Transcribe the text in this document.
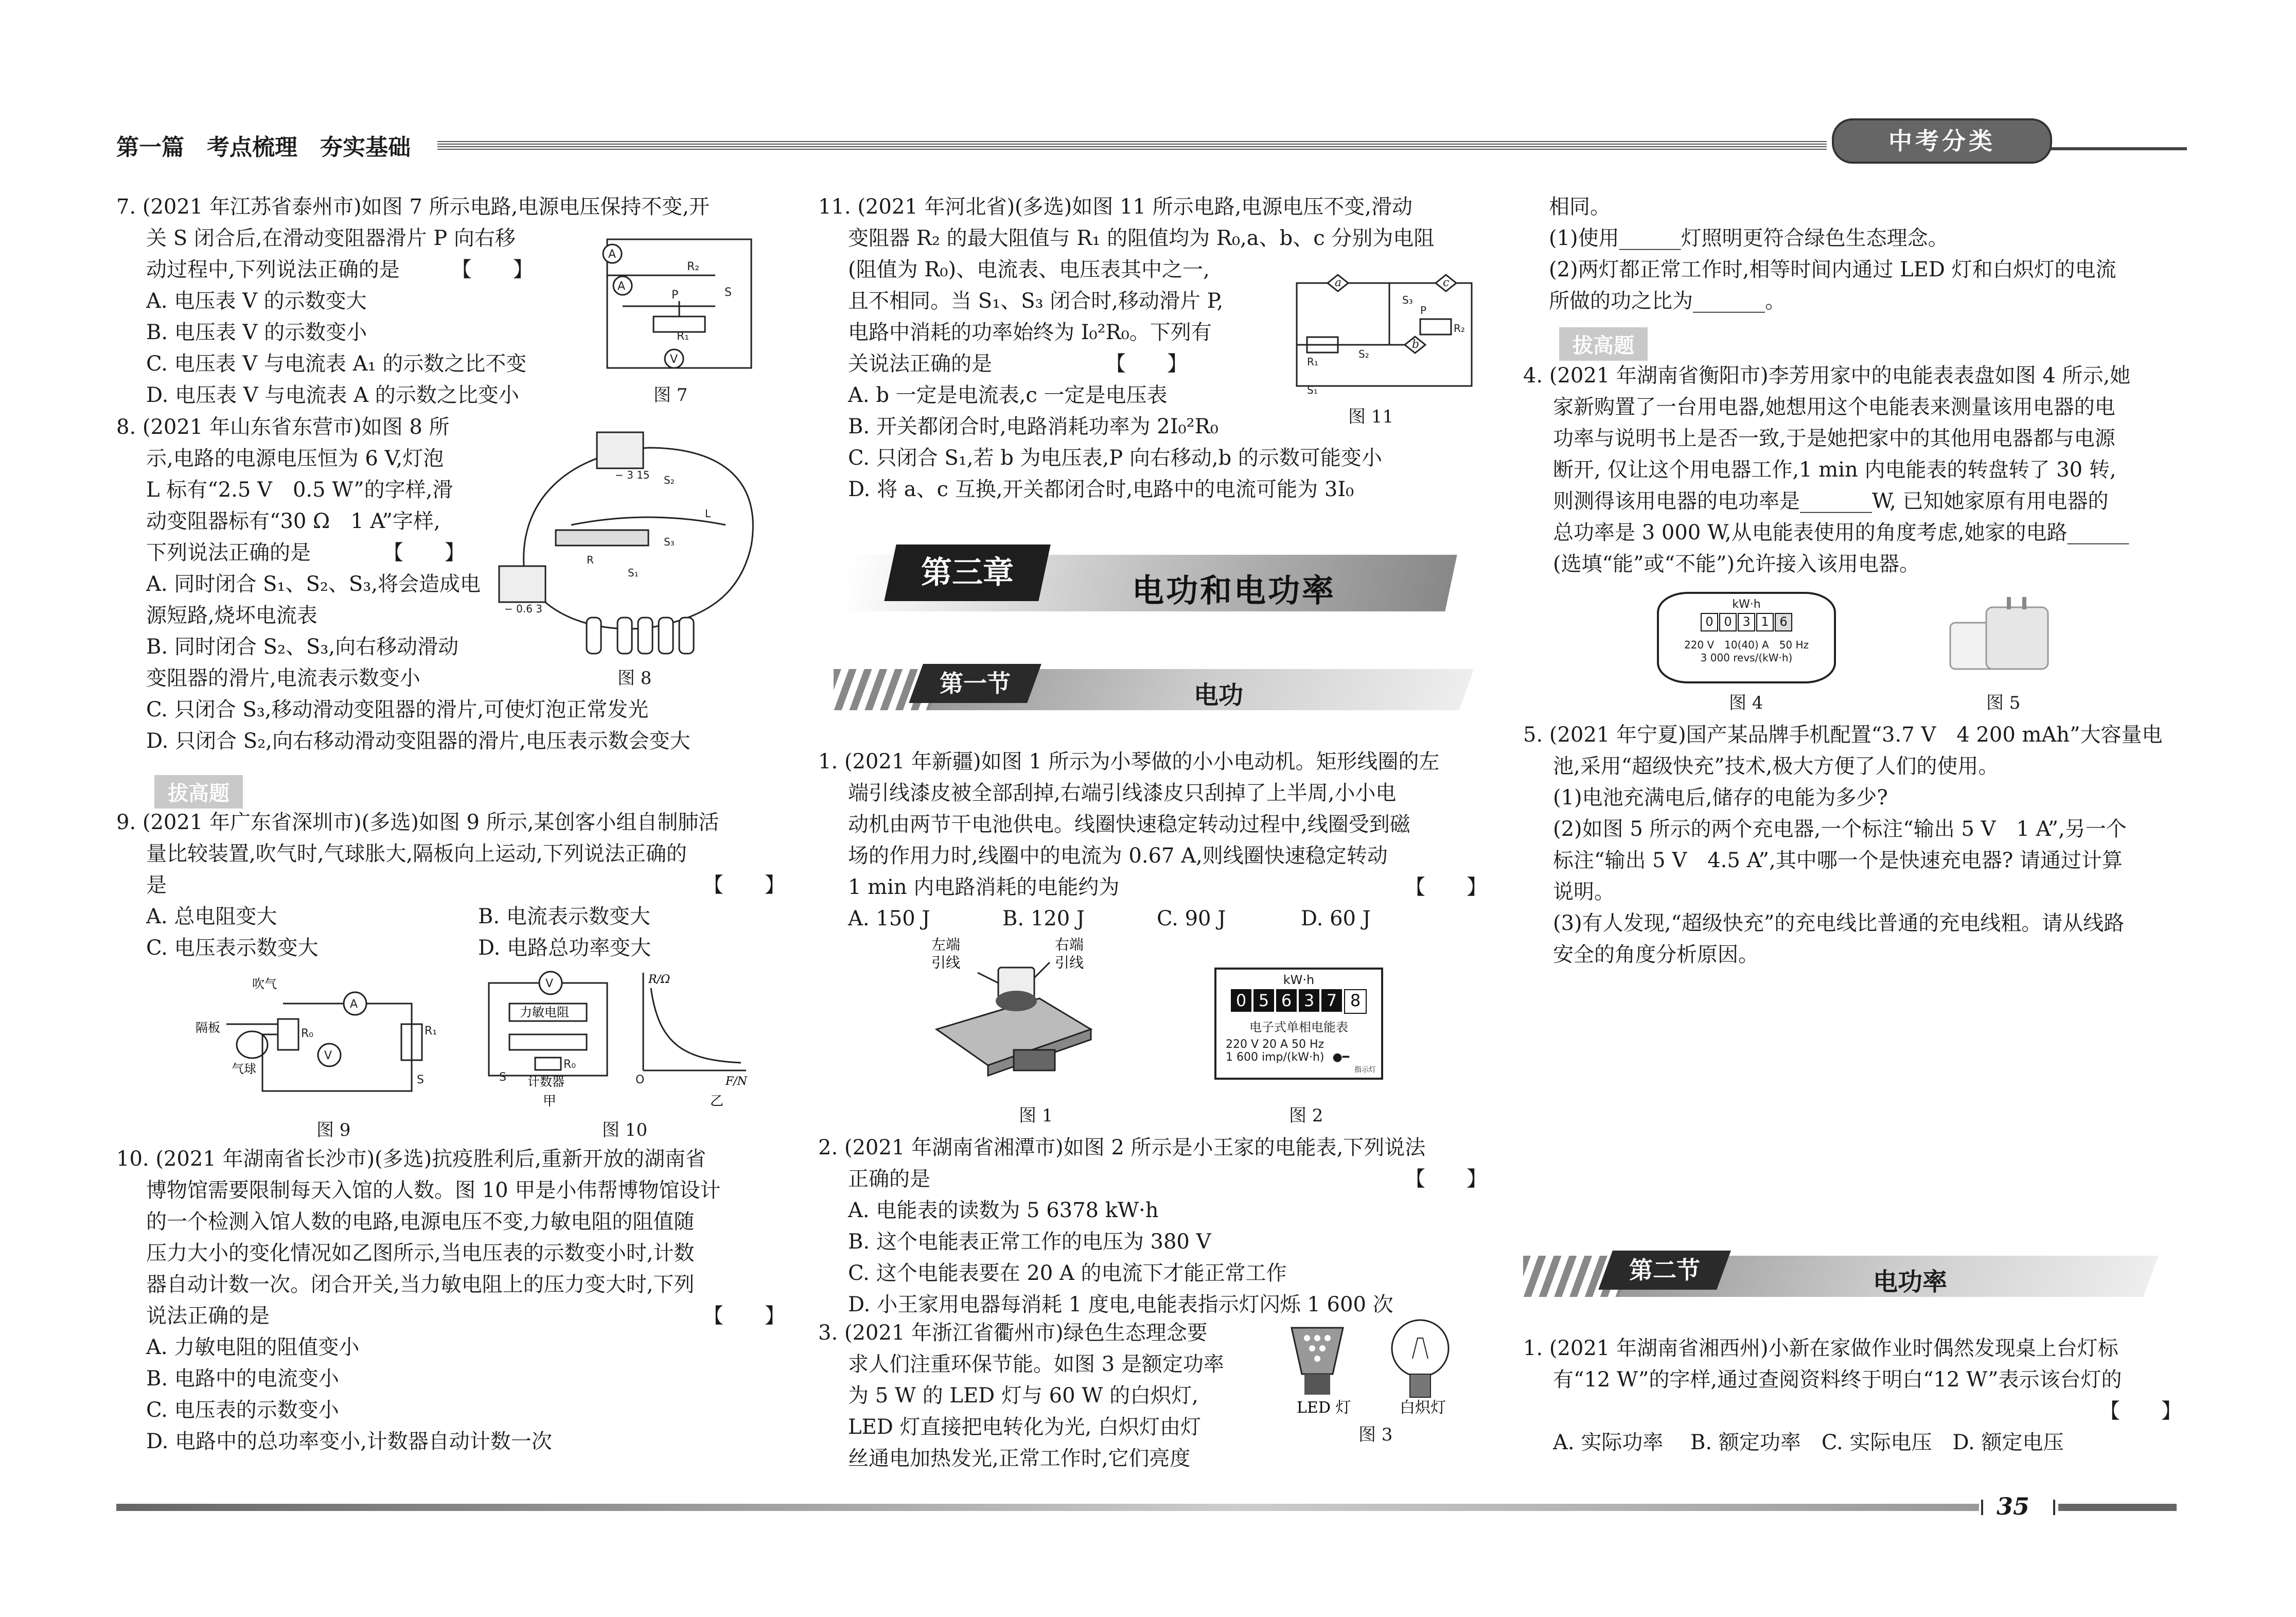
第一篇　考点梳理　夯实基础	中考分类

7. (2021 年江苏省泰州市)如图 7 所示电路,电源电压保持不变,开

关 S 闭合后,在滑动变阻器滑片 P 向右移

动过程中,下列说法正确的是　　　【　　】

A. 电压表 V 的示数变大

B. 电压表 V 的示数变小

C. 电压表 V 与电流表 A₁ 的示数之比不变

D. 电压表 V 与电流表 A 的示数之比变小

A
A
V
P
R₁
R₂
S
图 7

8. (2021 年山东省东营市)如图 8 所

示,电路的电源电压恒为 6 V,灯泡

L 标有“2.5 V　0.5 W”的字样,滑

动变阻器标有“30 Ω　1 A”字样,

下列说法正确的是　　　　【　　】

A. 同时闭合 S₁、S₂、S₃,将会造成电

源短路,烧坏电流表

B. 同时闭合 S₂、S₃,向右移动滑动

变阻器的滑片,电流表示数变小

C. 只闭合 S₃,移动滑动变阻器的滑片,可使灯泡正常发光

D. 只闭合 S₂,向右移动滑动变阻器的滑片,电压表示数会变大

R
− 3 15
− 0.6 3
S₂
S₃
S₁
L
图 8
拔高题

9. (2021 年广东省深圳市)(多选)如图 9 所示,某创客小组自制肺活

量比较装置,吹气时,气球胀大,隔板向上运动,下列说法正确的

是	【　　】

A. 总电阻变大	B. 电流表示数变大
C. 电压表示数变大	D. 电路总功率变大
A
V
R₀	R₁
S
吹气
隔板
气球
图 9
V
R₀
S	O
力敏电阻
计数器
甲	乙
R/Ω
F/N
图 10

10. (2021 年湖南省长沙市)(多选)抗疫胜利后,重新开放的湖南省

博物馆需要限制每天入馆的人数。图 10 甲是小伟帮博物馆设计

的一个检测入馆人数的电路,电源电压不变,力敏电阻的阻值随

压力大小的变化情况如乙图所示,当电压表的示数变小时,计数

器自动计数一次。闭合开关,当力敏电阻上的压力变大时,下列

说法正确的是	【　　】

A. 力敏电阻的阻值变小

B. 电路中的电流变小

C. 电压表的示数变小

D. 电路中的总功率变小,计数器自动计数一次

11. (2021 年河北省)(多选)如图 11 所示电路,电源电压不变,滑动

变阻器 R₂ 的最大阻值与 R₁ 的阻值均为 R₀,a、b、c 分别为电阻

(阻值为 R₀)、电流表、电压表其中之一,

且不相同。当 S₁、S₃ 闭合时,移动滑片 P,

电路中消耗的功率始终为 I₀²R₀。下列有

关说法正确的是　　　　　　【　　】

A. b 一定是电流表,c 一定是电压表

B. 开关都闭合时,电路消耗功率为 2I₀²R₀

C. 只闭合 S₁,若 b 为电压表,P 向右移动,b 的示数可能变小

D. 将 a、c 互换,开关都闭合时,电路中的电流可能为 3I₀

a
b
c
R₁
R₂
P
S₃
S₂
S₁
图 11
第三章	电功和电功率
第一节	电功

1. (2021 年新疆)如图 1 所示为小琴做的小小电动机。矩形线圈的左

端引线漆皮被全部刮掉,右端引线漆皮只刮掉了上半周,小小电

动机由两节干电池供电。线圈快速稳定转动过程中,线圈受到磁

场的作用力时,线圈中的电流为 0.67 A,则线圈快速稳定转动

1 min 内电路消耗的电能约为	【　　】

A. 150 J	B. 120 J	C. 90 J	D. 60 J
左端
引线
右端
引线
图 1
kW·h
0 5 6 3 7 8
电子式单相电能表
220 V 20 A 50 Hz
1 600 imp/(kW·h) ●━
指示灯
图 2

2. (2021 年湖南省湘潭市)如图 2 所示是小王家的电能表,下列说法

正确的是	【　　】

A. 电能表的读数为 5 6378 kW·h

B. 这个电能表正常工作的电压为 380 V

C. 这个电能表要在 20 A 的电流下才能正常工作

D. 小王家用电器每消耗 1 度电,电能表指示灯闪烁 1 600 次

3. (2021 年浙江省衢州市)绿色生态理念要

求人们注重环保节能。如图 3 是额定功率

为 5 W 的 LED 灯与 60 W 的白炽灯,

LED 灯直接把电转化为光, 白炽灯由灯

丝通电加热发光,正常工作时,它们亮度

LED 灯	白炽灯
图 3

相同。

(1)使用______灯照明更符合绿色生态理念。

(2)两灯都正常工作时,相等时间内通过 LED 灯和白炽灯的电流

所做的功之比为_______。

拔高题

4. (2021 年湖南省衡阳市)李芳用家中的电能表表盘如图 4 所示,她

家新购置了一台用电器,她想用这个电能表来测量该用电器的电

功率与说明书上是否一致,于是她把家中的其他用电器都与电源

断开, 仅让这个用电器工作,1 min 内电能表的转盘转了 30 转,

则测得该用电器的电功率是_______W, 已知她家原有用电器的

总功率是 3 000 W,从电能表使用的角度考虑,她家的电路______

(选填“能”或“不能”)允许接入该用电器。

kW·h
0 0 3 1 6
220 V　10(40) A　50 Hz
3 000 revs/(kW·h)
图 4	图 5

5. (2021 年宁夏)国产某品牌手机配置“3.7 V　4 200 mAh”大容量电

池,采用“超级快充”技术,极大方便了人们的使用。

(1)电池充满电后,储存的电能为多少?

(2)如图 5 所示的两个充电器,一个标注“输出 5 V　1 A”,另一个

标注“输出 5 V　4.5 A”,其中哪一个是快速充电器? 请通过计算

说明。

(3)有人发现,“超级快充”的充电线比普通的充电线粗。请从线路

安全的角度分析原因。

第二节	电功率

1. (2021 年湖南省湘西州)小新在家做作业时偶然发现桌上台灯标

有“12 W”的字样,通过查阅资料终于明白“12 W”表示该台灯的

【　　】

A. 实际功率　 B. 额定功率　C. 实际电压　D. 额定电压

35
